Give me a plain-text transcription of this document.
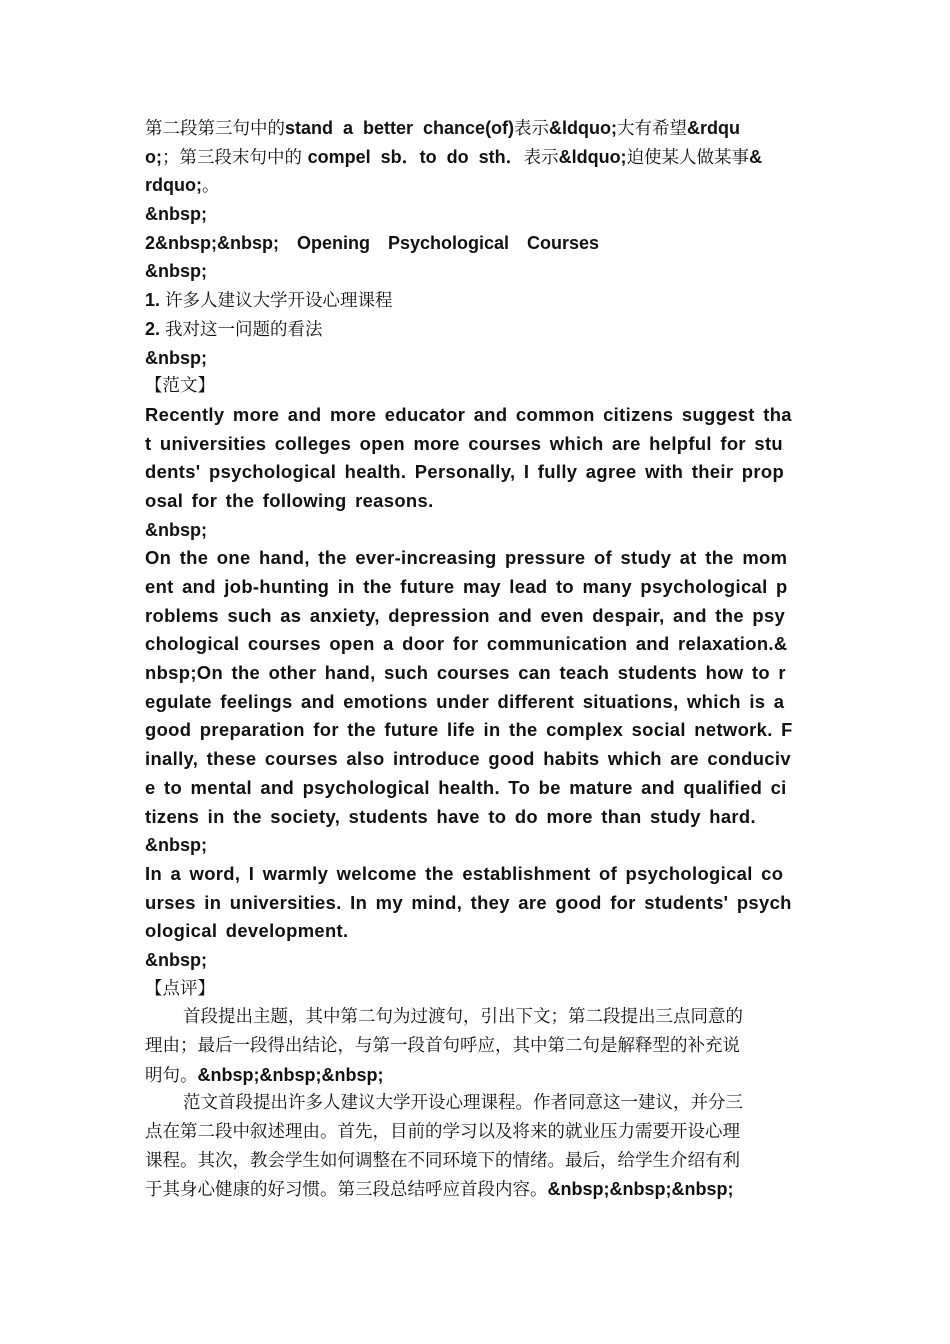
第二段第三句中的stand  a  better  chance(of)表示&ldquo;大有希望&rdqu
o;；第三段末句中的 compel  sb．to  do  sth．表示&ldquo;迫使某人做某事&
rdquo;。
&nbsp;
2&nbsp;&nbsp;  Opening  Psychological  Courses
&nbsp;
1. 许多人建议大学开设心理课程
2. 我对这一问题的看法
&nbsp;
【范文】
Recently more and more educator and common citizens suggest tha
t universities colleges open more courses which are helpful for stu
dents' psychological health. Personally, I fully agree with their prop
osal for the following reasons.
&nbsp;
On the one hand, the ever-increasing pressure of study at the mom
ent and job-hunting in the future may lead to many psychological p
roblems such as anxiety, depression and even despair, and the psy
chological courses open a door for communication and relaxation.&
nbsp;On the other hand, such courses can teach students how to r
egulate feelings and emotions under different situations, which is a
good preparation for the future life in the complex social network. F
inally, these courses also introduce good habits which are conduciv
e to mental and psychological health. To be mature and qualified ci
tizens in the society, students have to do more than study hard.
&nbsp;
In a word, I warmly welcome the establishment of psychological co
urses in universities. In my mind, they are good for students' psych
ological development.
&nbsp;
【点评】
首段提出主题，其中第二句为过渡句，引出下文；第二段提出三点同意的
理由；最后一段得出结论，与第一段首句呼应，其中第二句是解释型的补充说
明句。&nbsp;&nbsp;&nbsp;
范文首段提出许多人建议大学开设心理课程。作者同意这一建议，并分三
点在第二段中叙述理由。首先，目前的学习以及将来的就业压力需要开设心理
课程。其次，教会学生如何调整在不同环境下的情绪。最后，给学生介绍有利
于其身心健康的好习惯。第三段总结呼应首段内容。&nbsp;&nbsp;&nbsp;
